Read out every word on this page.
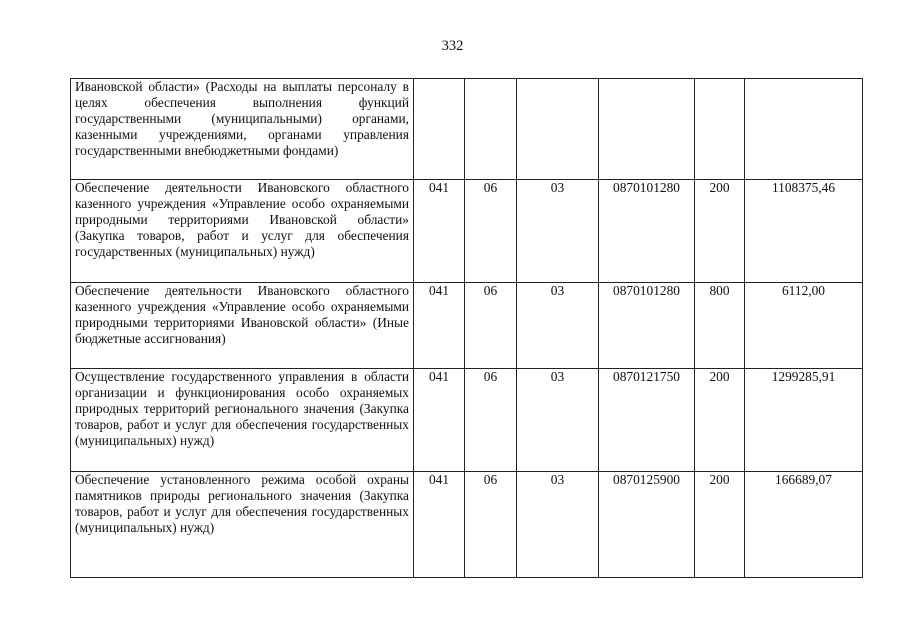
332
Ивановской области» (Расходы на выплаты персоналу в целях обеспечения выполнения функций государственными (муниципальными) органами, казенными учреждениями, органами управления государственными внебюджетными фондами)						
Обеспечение деятельности Ивановского областного казенного учреждения «Управление особо охраняемыми природными территориями Ивановской области» (Закупка товаров, работ и услуг для обеспечения государственных (муниципальных) нужд)	041	06	03	0870101280	200	1108375,46
Обеспечение деятельности Ивановского областного казенного учреждения «Управление особо охраняемыми природными территориями Ивановской области» (Иные бюджетные ассигнования)	041	06	03	0870101280	800	6112,00
Осуществление государственного управления в области организации и функционирования особо охраняемых природных территорий регионального значения (Закупка товаров, работ и услуг для обеспечения государственных (муниципальных) нужд)	041	06	03	0870121750	200	1299285,91
Обеспечение установленного режима особой охраны памятников природы регионального значения (Закупка товаров, работ и услуг для обеспечения государственных (муниципальных) нужд)	041	06	03	0870125900	200	166689,07
